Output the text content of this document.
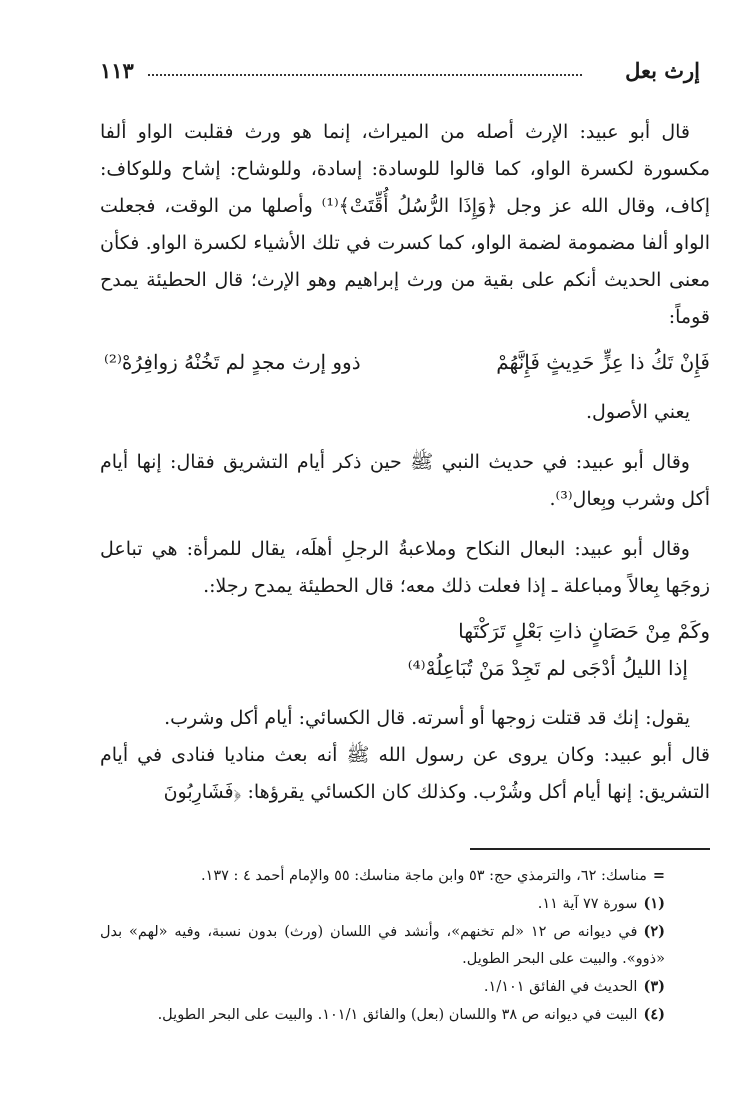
إرث بعل
١١٣

قال أبو عبيد: الإرث أصله من الميراث، إنما هو ورث فقلبت الواو ألفا مكسورة لكسرة الواو، كما قالوا للوسادة: إسادة، وللوشاح: إشاح وللوكاف: إكاف، وقال الله عز وجل ﴿وَإِذَا الرُّسُلُ أُقِّتَتْ﴾⁽¹⁾ وأصلها من الوقت، فجعلت الواو ألفا مضمومة لضمة الواو، كما كسرت في تلك الأشياء لكسرة الواو. فكأن معنى الحديث أنكم على بقية من ورث إبراهيم وهو الإرث؛ قال الحطيئة يمدح قوماً:

فَإِنْ تَكُ ذا عِزٍّ حَدِيثٍ فَإِنَّهُمْ
ذوو إرث مجدٍ لم تَخُنْهُ زوافِرُهْ⁽²⁾

يعني الأصول.

وقال أبو عبيد: في حديث النبي ﷺ حين ذكر أيام التشريق فقال: إنها أيام أكل وشرب وبِعال⁽³⁾.

وقال أبو عبيد: البعال النكاح وملاعبةُ الرجلِ أهلَه، يقال للمرأة: هي تباعل زوجَها بِعالاً ومباعلة ـ إذا فعلت ذلك معه؛ قال الحطيئة يمدح رجلا:.

وكَمْ مِنْ حَصَانٍ ذاتِ بَعْلٍ تَرَكْتَها

إذا الليلُ أدْجَى لم تَجِدْ مَنْ تُبَاعِلُهْ⁽⁴⁾

يقول: إنك قد قتلت زوجها أو أسرته. قال الكسائي: أيام أكل وشرب.

قال أبو عبيد: وكان يروى عن رسول الله ﷺ أنه بعث مناديا فنادى في أيام التشريق: إنها أيام أكل وشُرْب. وكذلك كان الكسائي يقرؤها: ﴿فَشَارِبُونَ

=مناسك: ٦٢، والترمذي حج: ٥٣ وابن ماجة مناسك: ٥٥ والإمام أحمد ٤ : ١٣٧.

(١)سورة ٧٧ آية ١١.

(٢)في ديوانه ص ١٢ «لم تخنهم»، وأنشد في اللسان (ورث) بدون نسبة، وفيه «لهم» بدل «ذوو». والبيت على البحر الطويل.

(٣)الحديث في الفائق ١/١٠١.

(٤)البيت في ديوانه ص ٣٨ واللسان (بعل) والفائق ١٠١/١. والبيت على البحر الطويل.
